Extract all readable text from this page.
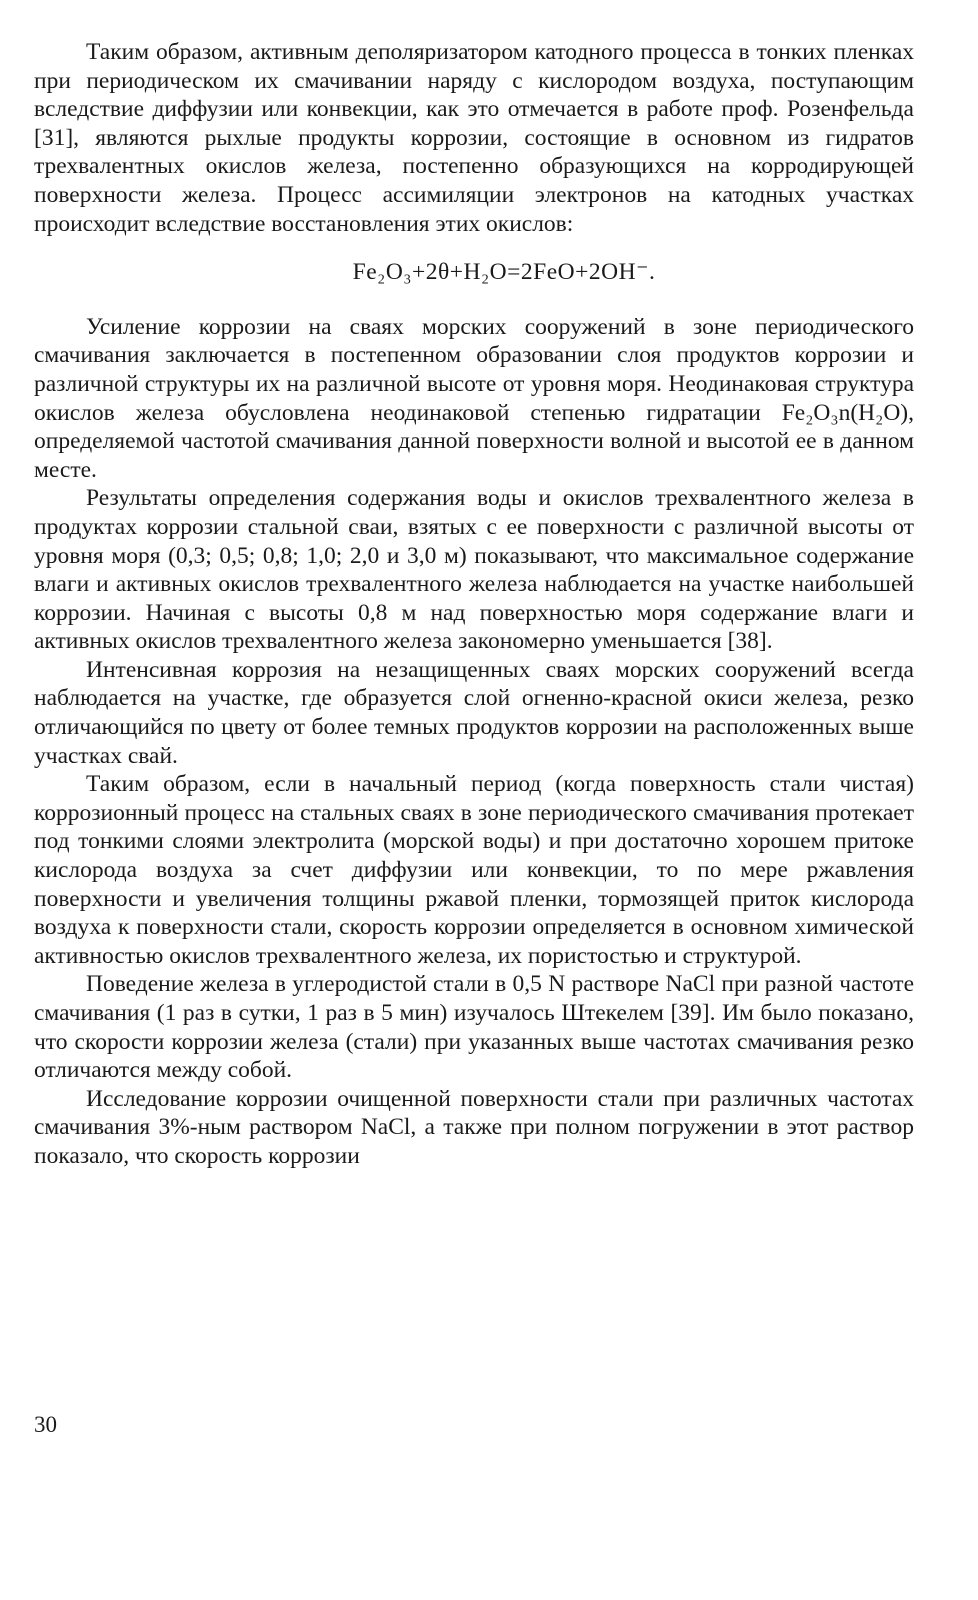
Таким образом, активным деполяризатором катодного процесса в тонких пленках при периодическом их смачивании наряду с кислородом воздуха, поступающим вследствие диффузии или конвекции, как это отмечается в работе проф. Розенфельда [31], являются рыхлые продукты коррозии, состоящие в основном из гидратов трехвалентных окислов железа, постепенно образующихся на корродирующей поверхности железа. Процесс ассимиляции электронов на катодных участках происходит вследствие восстановления этих окислов:

Fe₂O₃+2θ+H₂O=2FeO+2OH⁻.

Усиление коррозии на сваях морских сооружений в зоне периодического смачивания заключается в постепенном образовании слоя продуктов коррозии и различной структуры их на различной высоте от уровня моря. Неодинаковая структура окислов железа обусловлена неодинаковой степенью гидратации Fe₂O₃n(H₂O), определяемой частотой смачивания данной поверхности волной и высотой ее в данном месте.

Результаты определения содержания воды и окислов трехвалентного железа в продуктах коррозии стальной сваи, взятых с ее поверхности с различной высоты от уровня моря (0,3; 0,5; 0,8; 1,0; 2,0 и 3,0 м) показывают, что максимальное содержание влаги и активных окислов трехвалентного железа наблюдается на участке наибольшей коррозии. Начиная с высоты 0,8 м над поверхностью моря содержание влаги и активных окислов трехвалентного железа закономерно уменьшается [38].

Интенсивная коррозия на незащищенных сваях морских сооружений всегда наблюдается на участке, где образуется слой огненно-красной окиси железа, резко отличающийся по цвету от более темных продуктов коррозии на расположенных выше участках свай.

Таким образом, если в начальный период (когда поверхность стали чистая) коррозионный процесс на стальных сваях в зоне периодического смачивания протекает под тонкими слоями электролита (морской воды) и при достаточно хорошем притоке кислорода воздуха за счет диффузии или конвекции, то по мере ржавления поверхности и увеличения толщины ржавой пленки, тормозящей приток кислорода воздуха к поверхности стали, скорость коррозии определяется в основном химической активностью окислов трехвалентного железа, их пористостью и структурой.

Поведение железа в углеродистой стали в 0,5 N растворе NaCl при разной частоте смачивания (1 раз в сутки, 1 раз в 5 мин) изучалось Штекелем [39]. Им было показано, что скорости коррозии железа (стали) при указанных выше частотах смачивания резко отличаются между собой.

Исследование коррозии очищенной поверхности стали при различных частотах смачивания 3%-ным раствором NaCl, а также при полном погружении в этот раствор показало, что скорость коррозии

30
